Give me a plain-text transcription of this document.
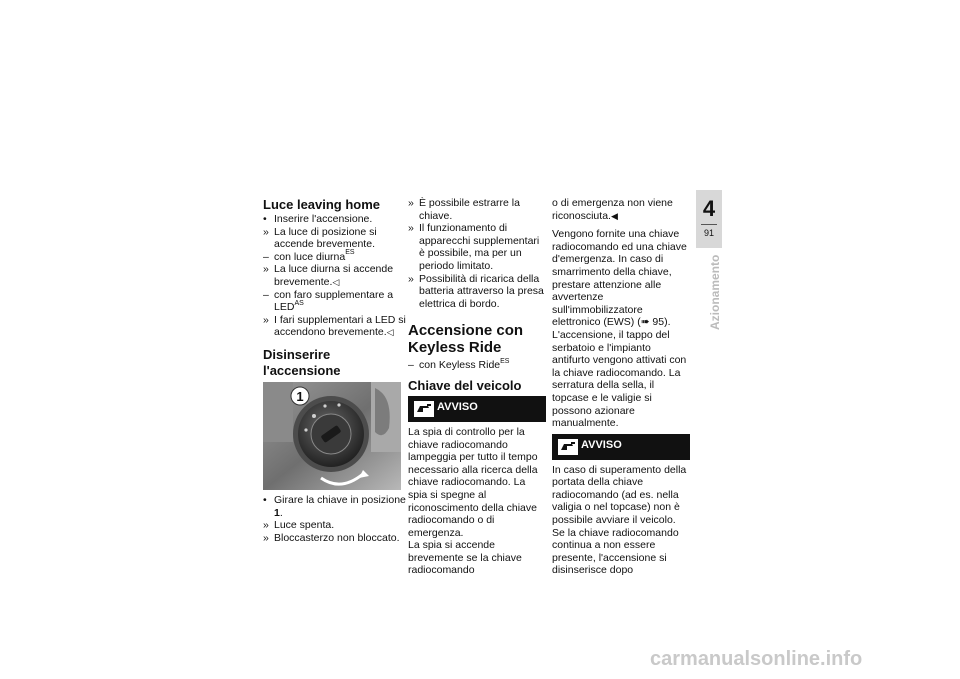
Luce leaving home

• Inserire l'accensione.

» La luce di posizione si accende brevemente.

– con luce diurna$^{ES}$

» La luce diurna si accende brevemente.◁

– con faro supplementare a $LED^{AS}$

» I fari supplementari a LED si accendono brevemente.◁

Disinserire l'accensione
1

• Girare la chiave in posizione 1.

» Luce spenta.

» Bloccasterzo non bloccato.

» È possibile estrarre la chiave.

» Il funzionamento di apparecchi supplementari è possibile, ma per un periodo limitato.

» Possibilità di ricarica della batteria attraverso la presa elettrica di bordo.

Accensione con Keyless Ride

– con Keyless Ride$^{ES}$

Chiave del veicolo
AVVISO

La spia di controllo per la chiave radiocomando lampeggia per tutto il tempo necessario alla ricerca della chiave radiocomando. La spia si spegne al riconoscimento della chiave radiocomando o di emergenza.

La spia si accende brevemente se la chiave radiocomando

o di emergenza non viene riconosciuta.◀

Vengono fornite una chiave radiocomando ed una chiave d'emergenza. In caso di smarrimento della chiave, prestare attenzione alle avvertenze sull'immobilizzatore elettronico (EWS) (➠ 95).

L'accensione, il tappo del serbatoio e l'impianto antifurto vengono attivati con la chiave radiocomando. La serratura della sella, il topcase e le valigie si possono azionare manualmente.

AVVISO

In caso di superamento della portata della chiave radiocomando (ad es. nella valigia o nel topcase) non è possibile avviare il veicolo.

Se la chiave radiocomando continua a non essere presente, l'accensione si disinserisce dopo

4
91
Azionamento
carmanualsonline.info
